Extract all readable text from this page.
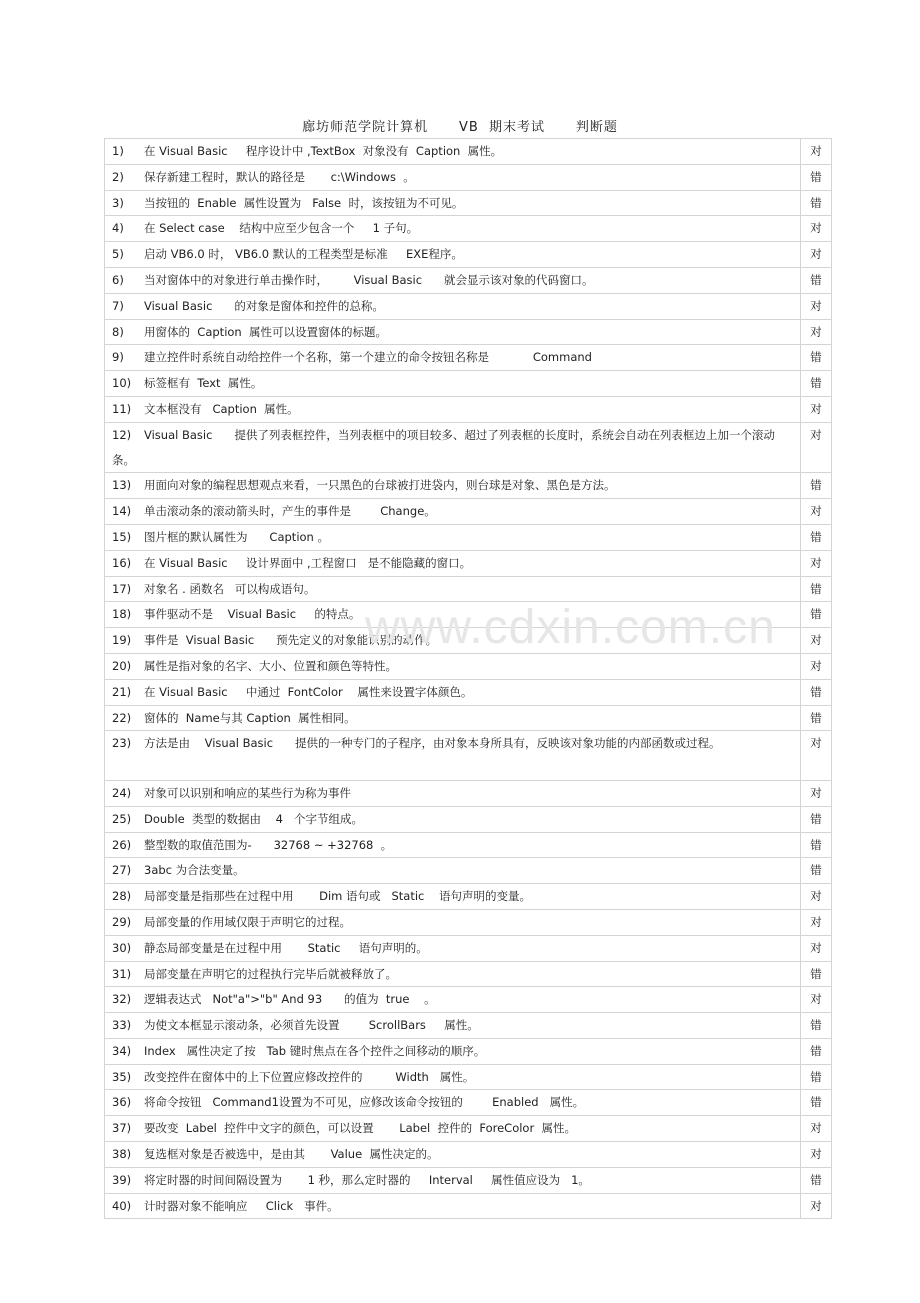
廊坊师范学院计算机      VB  期末考试      判断题
1) 在 Visual Basic     程序设计中 ,TextBox  对象没有  Caption  属性。	对
2) 保存新建工程时，默认的路径是       c:\Windows  。	错
3) 当按钮的  Enable  属性设置为   False  时，该按钮为不可见。	错
4) 在 Select case    结构中应至少包含一个     1 子句。	对
5) 启动 VB6.0 时， VB6.0 默认的工程类型是标准     EXE程序。	对
6) 当对窗体中的对象进行单击操作时，       Visual Basic      就会显示该对象的代码窗口。	错
7) Visual Basic      的对象是窗体和控件的总称。	对
8) 用窗体的  Caption  属性可以设置窗体的标题。	对
9) 建立控件时系统自动给控件一个名称，第一个建立的命令按钮名称是            Command	错
10) 标签框有  Text  属性。	错
11) 文本框没有   Caption  属性。	对
12) Visual Basic      提供了列表框控件，当列表框中的项目较多、超过了列表框的长度时，系统会自动在列表框边上加一个滚动条。	对
13) 用面向对象的编程思想观点来看，一只黑色的台球被打进袋内，则台球是对象、黑色是方法。	错
14) 单击滚动条的滚动箭头时，产生的事件是        Change。	对
15) 图片框的默认属性为      Caption 。	错
16) 在 Visual Basic     设计界面中 ,工程窗口   是不能隐藏的窗口。	对
17) 对象名 . 函数名   可以构成语句。	错
18) 事件驱动不是    Visual Basic     的特点。	错
19) 事件是  Visual Basic      预先定义的对象能识别的动作。	对
20) 属性是指对象的名字、大小、位置和颜色等特性。	对
21) 在 Visual Basic     中通过  FontColor    属性来设置字体颜色。	错
22) 窗体的  Name与其 Caption  属性相同。	错
23) 方法是由    Visual Basic      提供的一种专门的子程序，由对象本身所具有，反映该对象功能的内部函数或过程。	对
24) 对象可以识别和响应的某些行为称为事件	对
25) Double  类型的数据由    4   个字节组成。	错
26) 整型数的取值范围为-      32768 ~ +32768  。	错
27) 3abc 为合法变量。	错
28) 局部变量是指那些在过程中用       Dim 语句或   Static    语句声明的变量。	对
29) 局部变量的作用域仅限于声明它的过程。	对
30) 静态局部变量是在过程中用       Static     语句声明的。	对
31) 局部变量在声明它的过程执行完毕后就被释放了。	错
32) 逻辑表达式   Not"a">"b" And 93      的值为  true    。	对
33) 为使文本框显示滚动条，必须首先设置        ScrollBars     属性。	错
34) Index   属性决定了按   Tab 键时焦点在各个控件之间移动的顺序。	错
35) 改变控件在窗体中的上下位置应修改控件的         Width   属性。	错
36) 将命令按钮   Command1设置为不可见，应修改该命令按钮的        Enabled   属性。	错
37) 要改变  Label  控件中文字的颜色，可以设置       Label  控件的  ForeColor  属性。	对
38) 复选框对象是否被选中，是由其       Value  属性决定的。	对
39) 将定时器的时间间隔设置为       1 秒，那么定时器的     Interval     属性值应设为   1。	错
40) 计时器对象不能响应     Click   事件。	对
www.cdxin.com.cn
